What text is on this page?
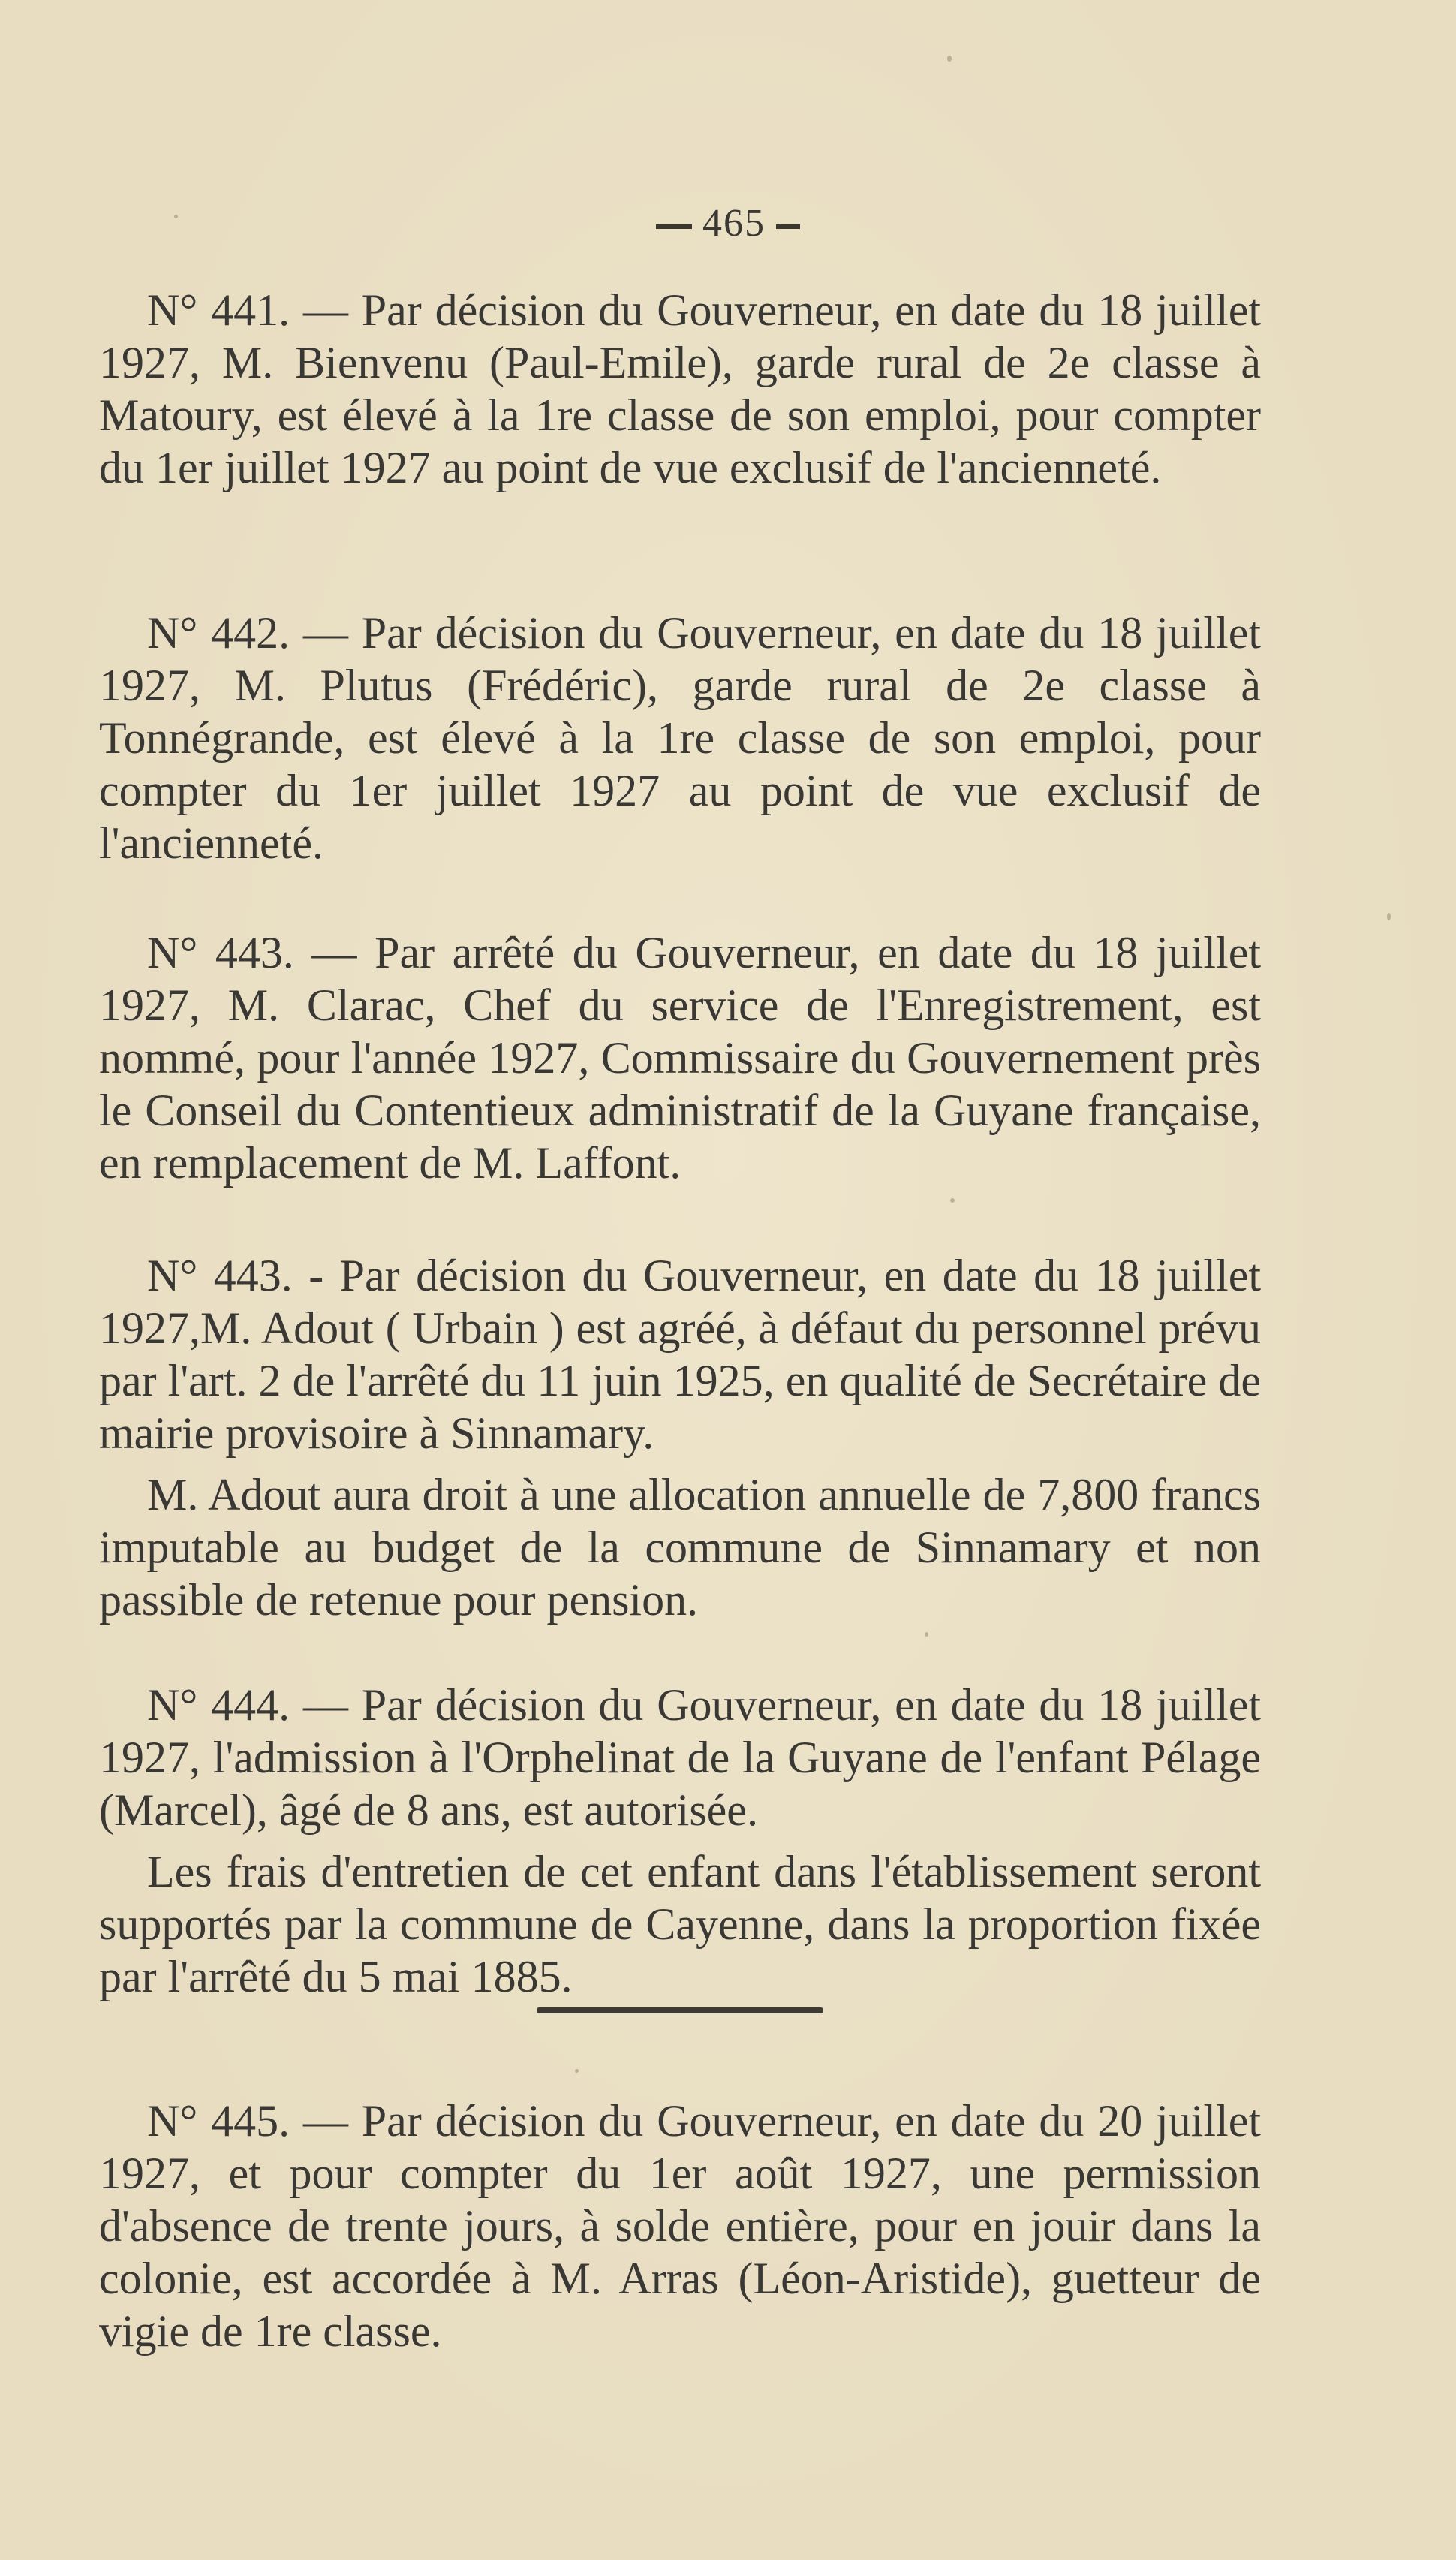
465

N° 441. — Par décision du Gouverneur, en date du 18 juillet 1927, M. Bienvenu (Paul-Emile), garde rural de 2e classe à Matoury, est élevé à la 1re classe de son emploi, pour compter du 1er juillet 1927 au point de vue exclusif de l'ancienneté.

N° 442. — Par décision du Gouverneur, en date du 18 juillet 1927, M. Plutus (Frédéric), garde rural de 2e classe à Tonnégrande, est élevé à la 1re classe de son emploi, pour compter du 1er juillet 1927 au point de vue exclusif de l'ancienneté.

N° 443. — Par arrêté du Gouverneur, en date du 18 juillet 1927, M. Clarac, Chef du service de l'Enregistrement, est nommé, pour l'année 1927, Commissaire du Gouvernement près le Conseil du Contentieux administratif de la Guyane française, en remplacement de M. Laffont.

N° 443. - Par décision du Gouverneur, en date du 18 juillet 1927,M. Adout ( Urbain ) est agréé, à défaut du personnel prévu par l'art. 2 de l'arrêté du 11 juin 1925, en qualité de Secrétaire de mairie provisoire à Sinnamary.

M. Adout aura droit à une allocation annuelle de 7,800 francs imputable au budget de la commune de Sinnamary et non passible de retenue pour pension.

N° 444. — Par décision du Gouverneur, en date du 18 juillet 1927, l'admission à l'Orphelinat de la Guyane de l'enfant Pélage (Marcel), âgé de 8 ans, est autorisée.

Les frais d'entretien de cet enfant dans l'établissement seront supportés par la commune de Cayenne, dans la proportion fixée par l'arrêté du 5 mai 1885.

N° 445. — Par décision du Gouverneur, en date du 20 juillet 1927, et pour compter du 1er août 1927, une permission d'absence de trente jours, à solde entière, pour en jouir dans la colonie, est accordée à M. Arras (Léon-Aristide), guetteur de vigie de 1re classe.
